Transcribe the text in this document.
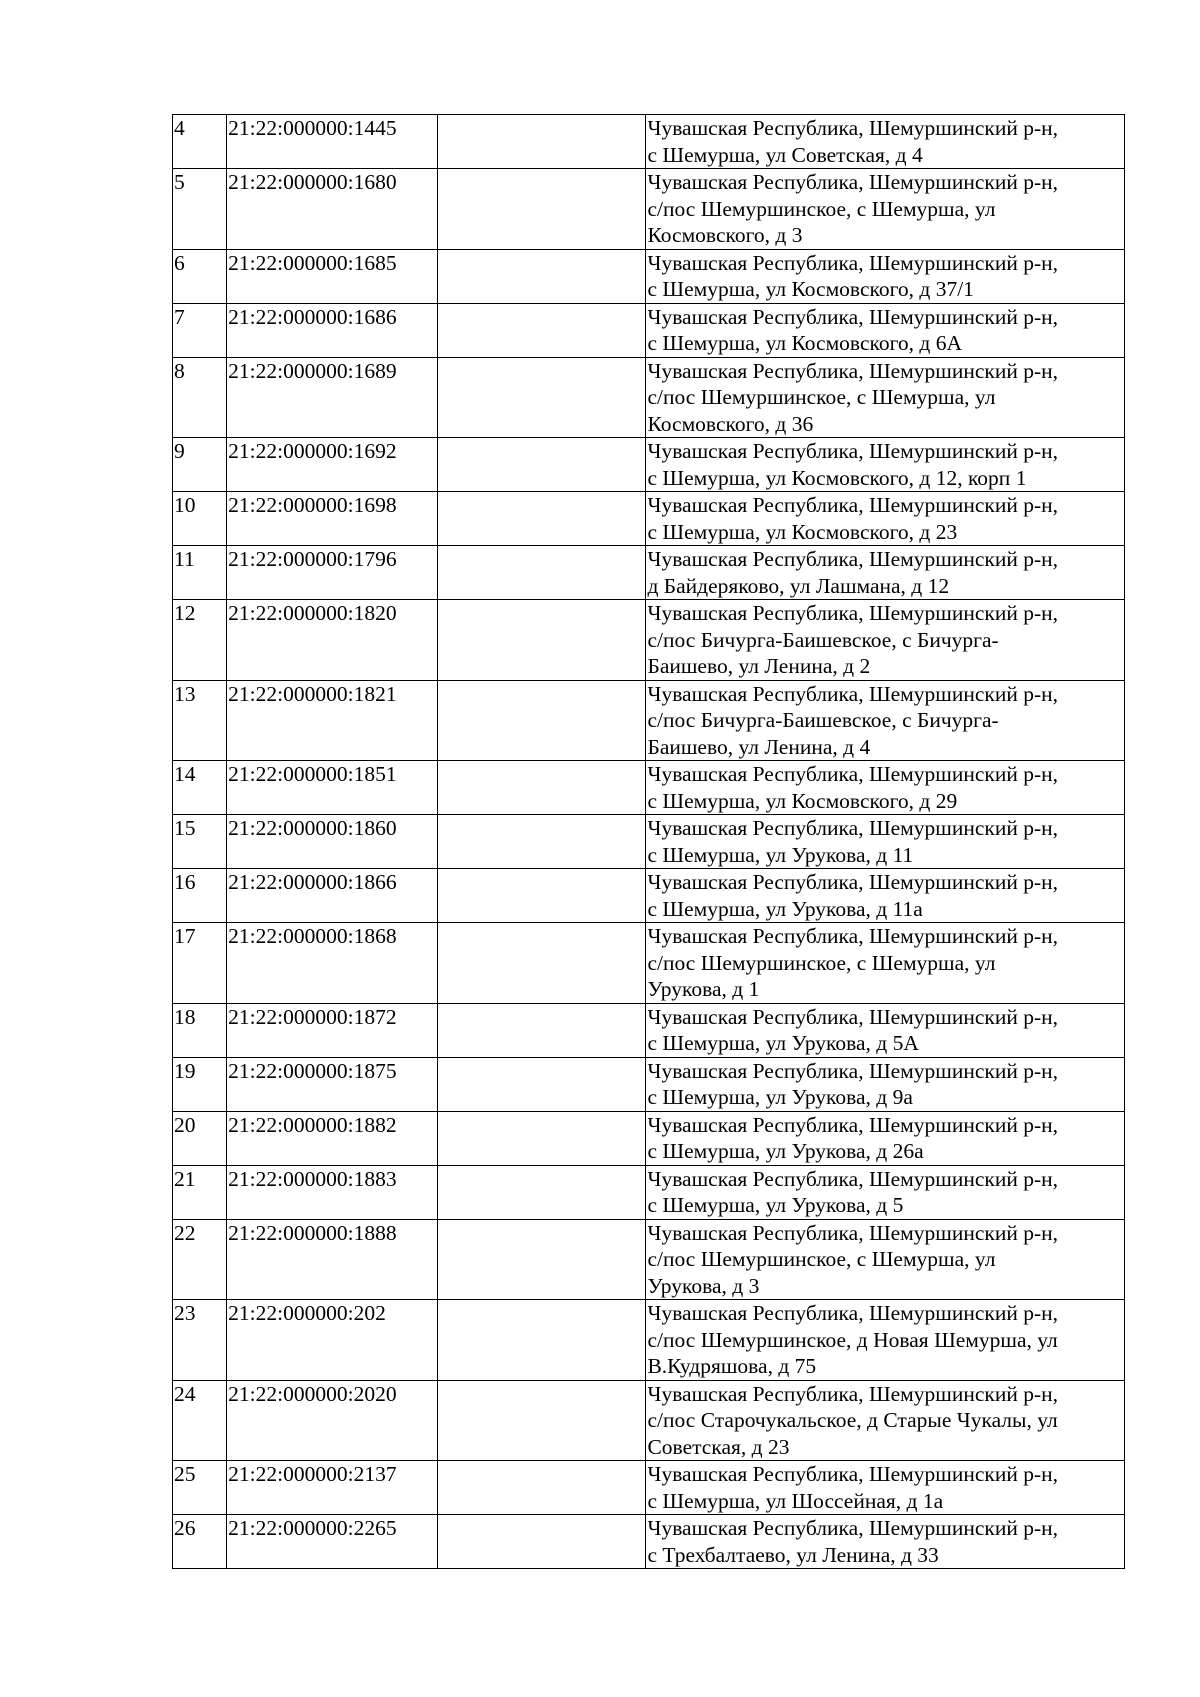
4	21:22:000000:1445		Чувашская Республика, Шемуршинский р-н,
с Шемурша, ул Советская, д 4

5	21:22:000000:1680		Чувашская Республика, Шемуршинский р-н,
с/пос Шемуршинское, с Шемурша, ул
Космовского, д 3

6	21:22:000000:1685		Чувашская Республика, Шемуршинский р-н,
с Шемурша, ул Космовского, д 37/1

7	21:22:000000:1686		Чувашская Республика, Шемуршинский р-н,
с Шемурша, ул Космовского, д 6А

8	21:22:000000:1689		Чувашская Республика, Шемуршинский р-н,
с/пос Шемуршинское, с Шемурша, ул
Космовского, д 36

9	21:22:000000:1692		Чувашская Республика, Шемуршинский р-н,
с Шемурша, ул Космовского, д 12, корп 1

10	21:22:000000:1698		Чувашская Республика, Шемуршинский р-н,
с Шемурша, ул Космовского, д 23

11	21:22:000000:1796		Чувашская Республика, Шемуршинский р-н,
д Байдеряково, ул Лашмана, д 12

12	21:22:000000:1820		Чувашская Республика, Шемуршинский р-н,
с/пос Бичурга-Баишевское, с Бичурга-
Баишево, ул Ленина, д 2

13	21:22:000000:1821		Чувашская Республика, Шемуршинский р-н,
с/пос Бичурга-Баишевское, с Бичурга-
Баишево, ул Ленина, д 4

14	21:22:000000:1851		Чувашская Республика, Шемуршинский р-н,
с Шемурша, ул Космовского, д 29

15	21:22:000000:1860		Чувашская Республика, Шемуршинский р-н,
с Шемурша, ул Урукова, д 11

16	21:22:000000:1866		Чувашская Республика, Шемуршинский р-н,
с Шемурша, ул Урукова, д 11а

17	21:22:000000:1868		Чувашская Республика, Шемуршинский р-н,
с/пос Шемуршинское, с Шемурша, ул
Урукова, д 1

18	21:22:000000:1872		Чувашская Республика, Шемуршинский р-н,
с Шемурша, ул Урукова, д 5А

19	21:22:000000:1875		Чувашская Республика, Шемуршинский р-н,
с Шемурша, ул Урукова, д 9а

20	21:22:000000:1882		Чувашская Республика, Шемуршинский р-н,
с Шемурша, ул Урукова, д 26а

21	21:22:000000:1883		Чувашская Республика, Шемуршинский р-н,
с Шемурша, ул Урукова, д 5

22	21:22:000000:1888		Чувашская Республика, Шемуршинский р-н,
с/пос Шемуршинское, с Шемурша, ул
Урукова, д 3

23	21:22:000000:202		Чувашская Республика, Шемуршинский р-н,
с/пос Шемуршинское, д Новая Шемурша, ул
В.Кудряшова, д 75

24	21:22:000000:2020		Чувашская Республика, Шемуршинский р-н,
с/пос Старочукальское, д Старые Чукалы, ул
Советская, д 23

25	21:22:000000:2137		Чувашская Республика, Шемуршинский р-н,
с Шемурша, ул Шоссейная, д 1а

26	21:22:000000:2265		Чувашская Республика, Шемуршинский р-н,
с Трехбалтаево, ул Ленина, д 33
